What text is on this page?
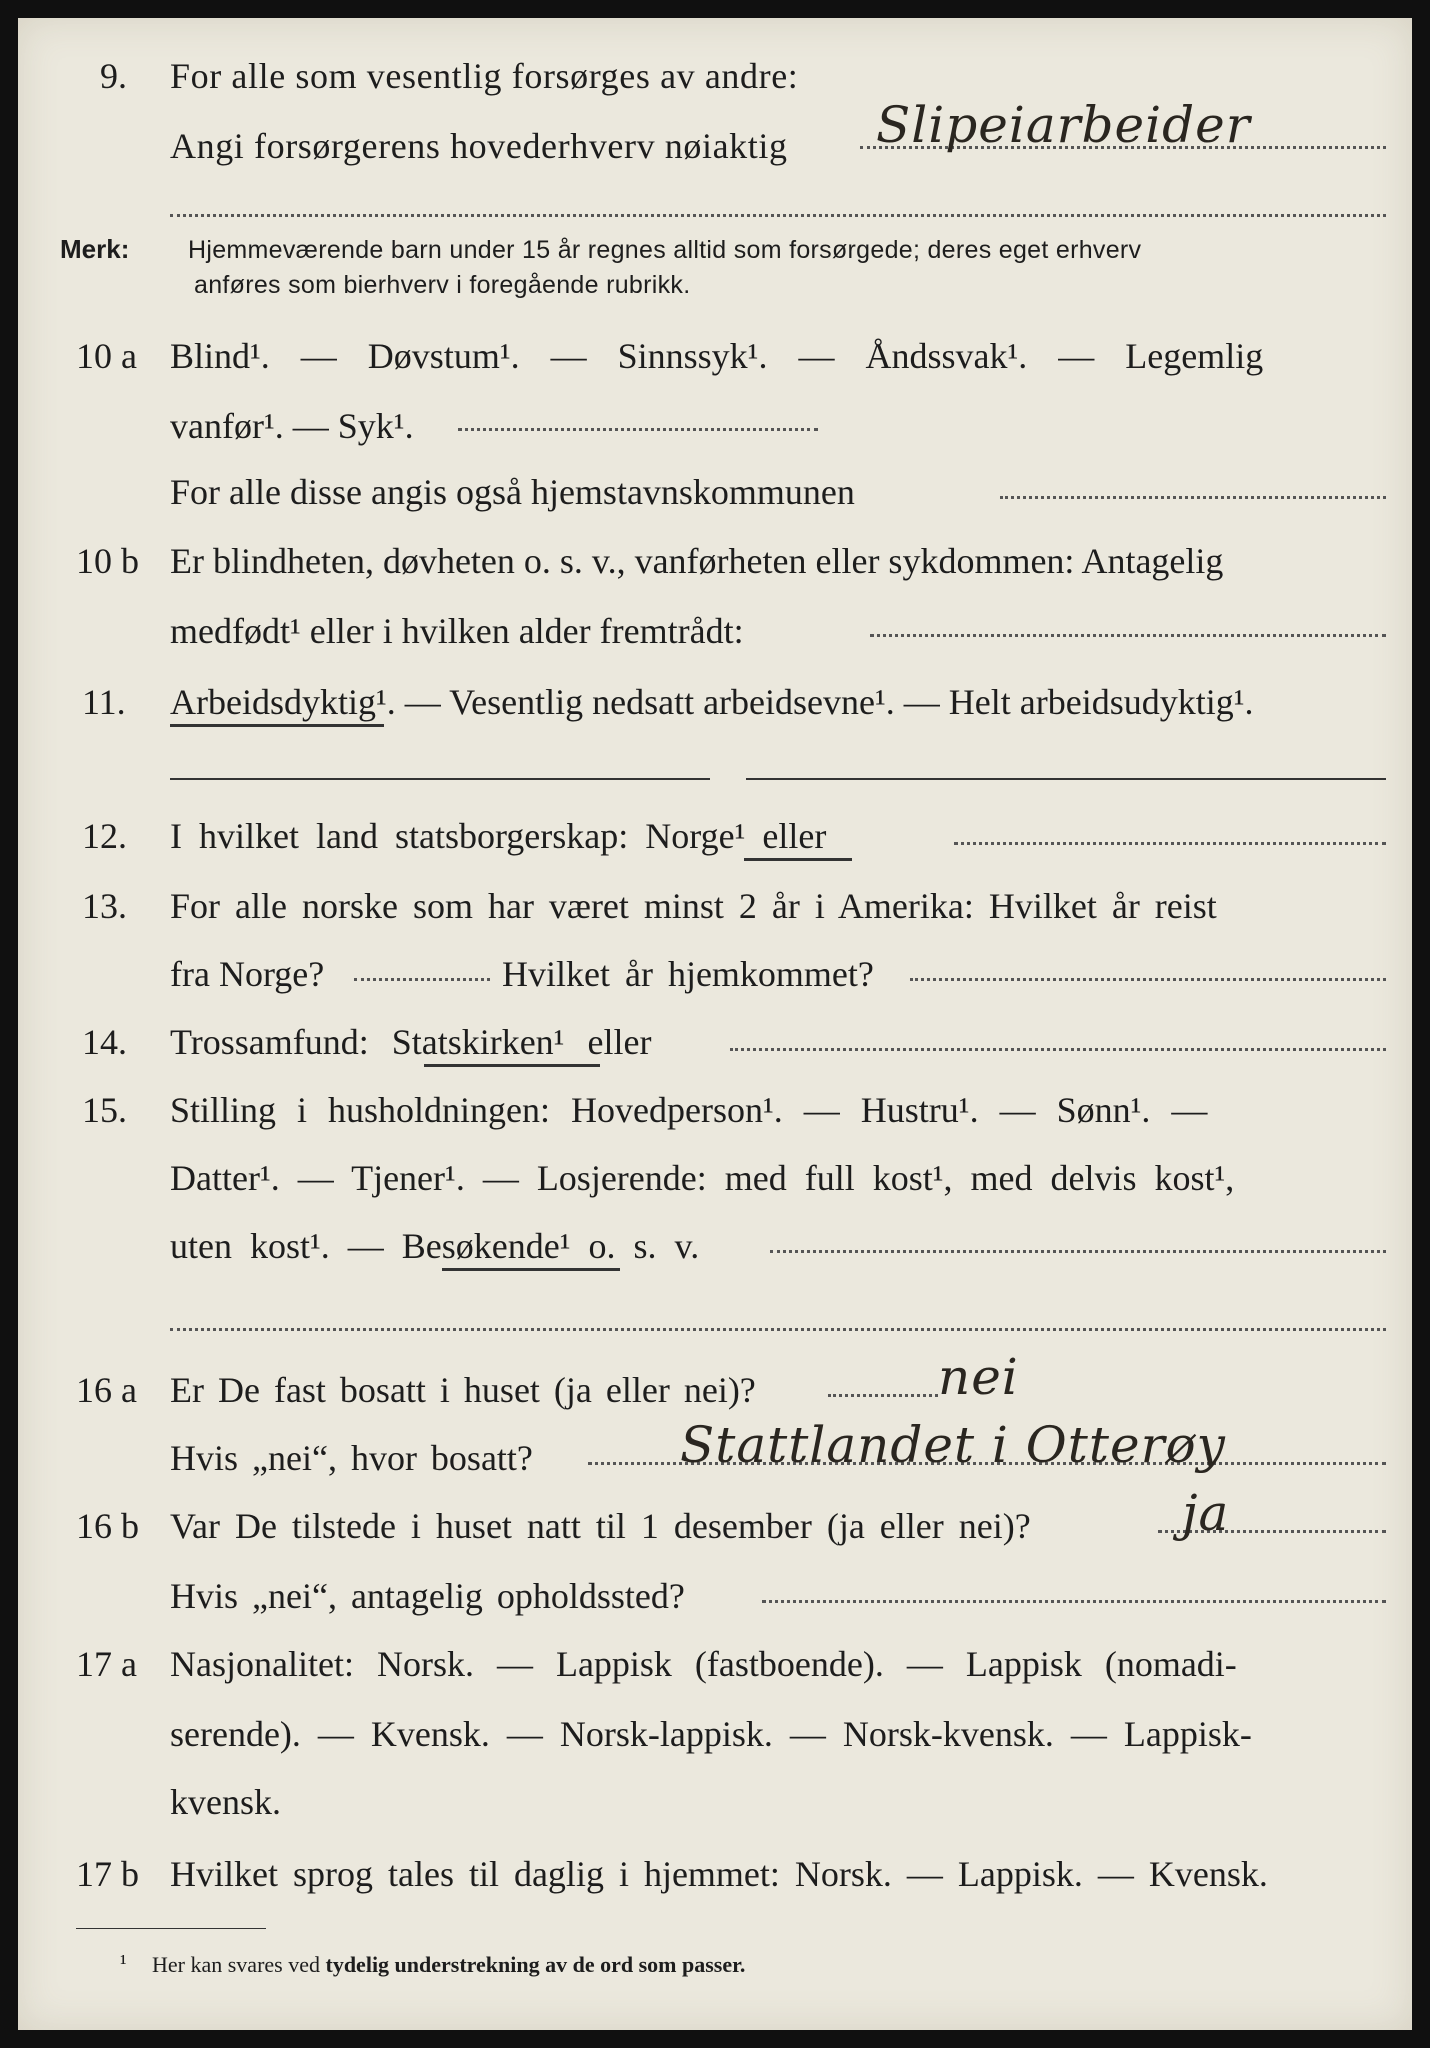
9. For alle som vesentlig forsørges av andre:
Angi forsørgerens hovederhverv nøiaktig Slipeiarbeider
Merk: Hjemmeværende barn under 15 år regnes alltid som forsørgede; deres eget erhverv
anføres som bierhverv i foregående rubrikk.
10 a Blind¹. — Døvstum¹. — Sinnssyk¹. — Åndssvak¹. — Legemlig
vanfør¹. — Syk¹.
For alle disse angis også hjemstavnskommunen
10 b Er blindheten, døvheten o. s. v., vanførheten eller sykdommen: Antagelig
medfødt¹ eller i hvilken alder fremtrådt:
11. Arbeidsdyktig¹. — Vesentlig nedsatt arbeidsevne¹. — Helt arbeidsudyktig¹.
12. I hvilket land statsborgerskap: Norge¹ eller
13. For alle norske som har været minst 2 år i Amerika: Hvilket år reist
fra Norge?	Hvilket år hjemkommet?
14. Trossamfund: Statskirken¹ eller
15. Stilling i husholdningen: Hovedperson¹. — Hustru¹. — Sønn¹. —
Datter¹. — Tjener¹. — Losjerende: med full kost¹, med delvis kost¹,
uten kost¹. — Besøkende¹ o. s. v.
16 a Er De fast bosatt i huset (ja eller nei)?	nei
Hvis „nei“, hvor bosatt?	Stattlandet i Otterøy
16 b Var De tilstede i huset natt til 1 desember (ja eller nei)?	ja
Hvis „nei“, antagelig opholdssted?
17 a Nasjonalitet: Norsk. — Lappisk (fastboende). — Lappisk (nomadi-
serende). — Kvensk. — Norsk-lappisk. — Norsk-kvensk. — Lappisk-
kvensk.
17 b Hvilket sprog tales til daglig i hjemmet: Norsk. — Lappisk. — Kvensk.
¹ Her kan svares ved tydelig understrekning av de ord som passer.
